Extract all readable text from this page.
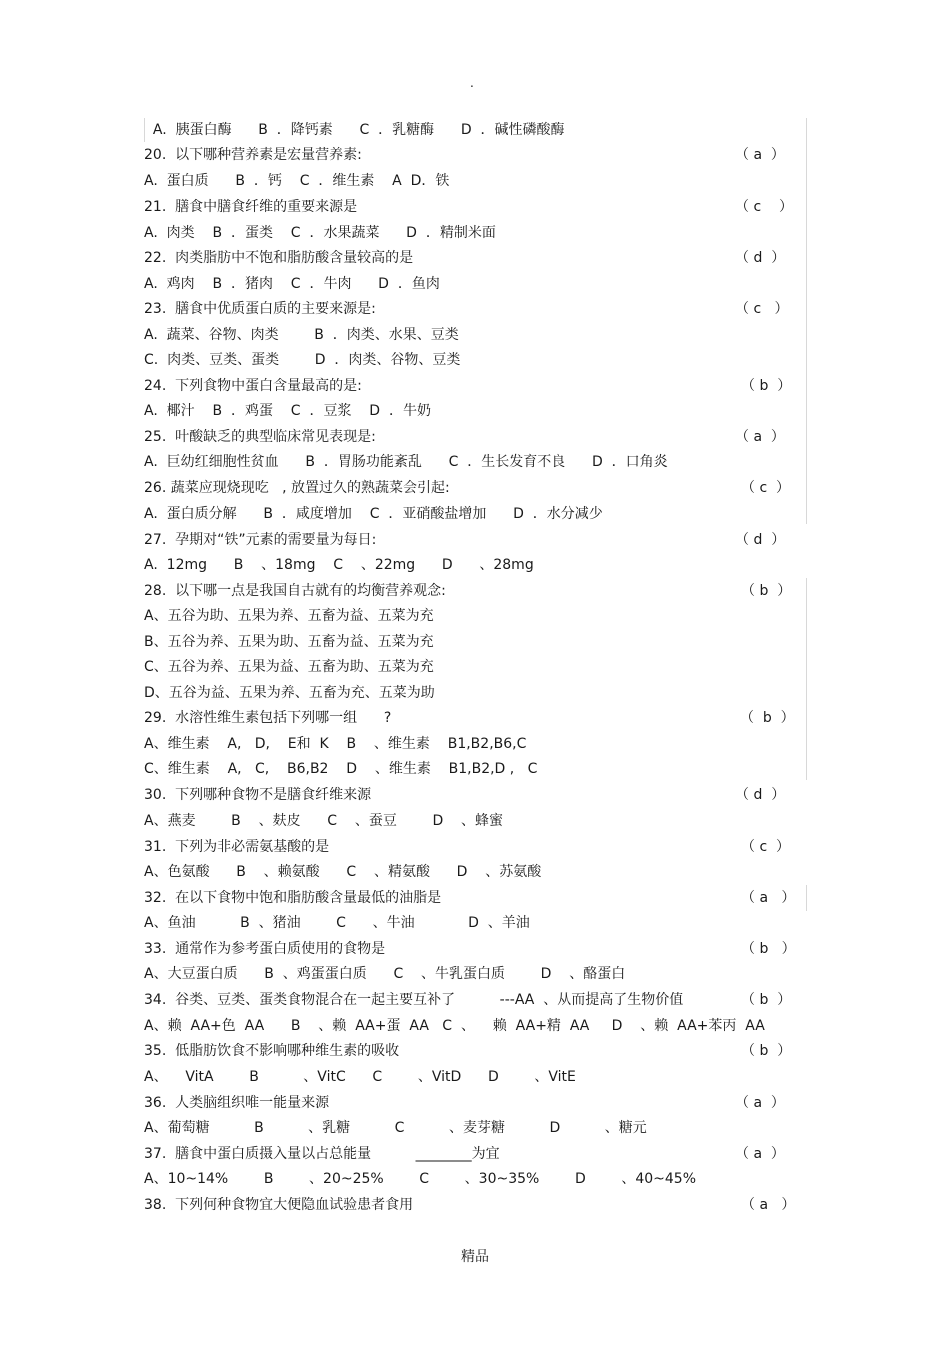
.
A.  胰蛋白酶      B  ．降钙素      C  ．乳糖酶      D  ．碱性磷酸酶
20.  以下哪种营养素是宏量营养素:	（ a  ）
A.  蛋白质      B  ．钙    C  ．维生素    A  D．铁
21.  膳食中膳食纤维的重要来源是	（ c    ）
A.  肉类    B  ．蛋类    C  ．水果蔬菜      D  ．精制米面
22.  肉类脂肪中不饱和脂肪酸含量较高的是	（ d  ）
A.  鸡肉    B  ．猪肉    C  ．牛肉      D  ．鱼肉
23.  膳食中优质蛋白质的主要来源是:	（ c   ）
A.  蔬菜、谷物、肉类        B  ．肉类、水果、豆类
C.  肉类、豆类、蛋类        D  ．肉类、谷物、豆类
24.  下列食物中蛋白含量最高的是:	（ b  ）
A.  椰汁    B  ．鸡蛋    C  ．豆浆    D  ．牛奶
25.  叶酸缺乏的典型临床常见表现是:	（ a  ）
A.  巨幼红细胞性贫血      B  ．胃肠功能紊乱      C  ．生长发育不良      D  ．口角炎
26. 蔬菜应现烧现吃   , 放置过久的熟蔬菜会引起:	（ c  ）
A.  蛋白质分解      B  ．咸度增加    C  ．亚硝酸盐增加      D  ．水分减少
27.  孕期对“铁”元素的需要量为每日:	（ d  ）
A.  12mg      B    、18mg    C    、22mg      D      、28mg
28.  以下哪一点是我国自古就有的均衡营养观念:	（ b  ）
A、五谷为助、五果为养、五畜为益、五菜为充
B、五谷为养、五果为助、五畜为益、五菜为充
C、五谷为养、五果为益、五畜为助、五菜为充
D、五谷为益、五果为养、五畜为充、五菜为助
29.  水溶性维生素包括下列哪一组      ?	（  b  ）
A、维生素    A,   D,    E和  K    B    、维生素    B1,B2,B6,C
C、维生素    A,   C,    B6,B2    D    、维生素    B1,B2,D ,   C
30.  下列哪种食物不是膳食纤维来源	（ d  ）
A、燕麦        B    、麸皮      C    、蚕豆        D    、蜂蜜
31.  下列为非必需氨基酸的是	（ c  ）
A、色氨酸      B    、赖氨酸      C    、精氨酸      D    、苏氨酸
32.  在以下食物中饱和脂肪酸含量最低的油脂是	（ a   ）
A、鱼油          B  、猪油        C      、牛油            D  、羊油
33.  通常作为参考蛋白质使用的食物是	（ b   ）
A、大豆蛋白质      B  、鸡蛋蛋白质      C    、牛乳蛋白质        D    、酪蛋白
34.  谷类、豆类、蛋类食物混合在一起主要互补了          ---AA  、从而提高了生物价值	（ b  ）
A、赖  AA+色  AA      B    、赖  AA+蛋  AA   C  、    赖  AA+精  AA     D    、赖  AA+苯丙  AA
35.  低脂肪饮食不影响哪种维生素的吸收	（ b  ）
A、    VitA        B          、VitC      C        、VitD      D        、VitE
36.  人类脑组织唯一能量来源	（ a  ）
A、葡萄糖          B          、乳糖          C          、麦芽糖          D          、糖元
37.  膳食中蛋白质摄入量以占总能量          ________为宜	（ a  ）
A、10~14%        B        、20~25%        C        、30~35%        D        、40~45%
38.  下列何种食物宜大便隐血试验患者食用	（ a   ）
精品
